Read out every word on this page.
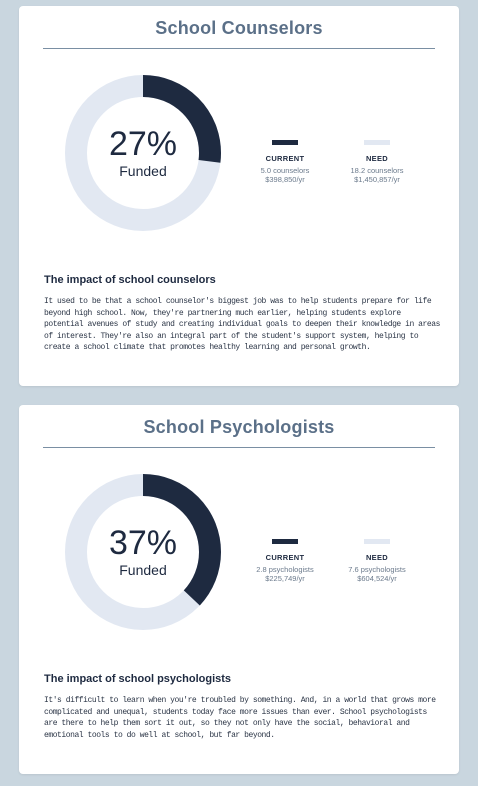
School Counselors
27%
Funded
CURRENT
5.0 counselors
$398,850/yr
NEED
18.2 counselors
$1,450,857/yr
The impact of school counselors
It used to be that a school counselor's biggest job was to help students prepare for life beyond high school. Now, they're partnering much earlier, helping students explore potential avenues of study and creating individual goals to deepen their knowledge in areas of interest. They're also an integral part of the student's support system, helping to create a school climate that promotes healthy learning and personal growth.
School Psychologists
37%
Funded
CURRENT
2.8 psychologists
$225,749/yr
NEED
7.6 psychologists
$604,524/yr
The impact of school psychologists
It's difficult to learn when you're troubled by something. And, in a world that grows more complicated and unequal, students today face more issues than ever. School psychologists are there to help them sort it out, so they not only have the social, behavioral and emotional tools to do well at school, but far beyond.
